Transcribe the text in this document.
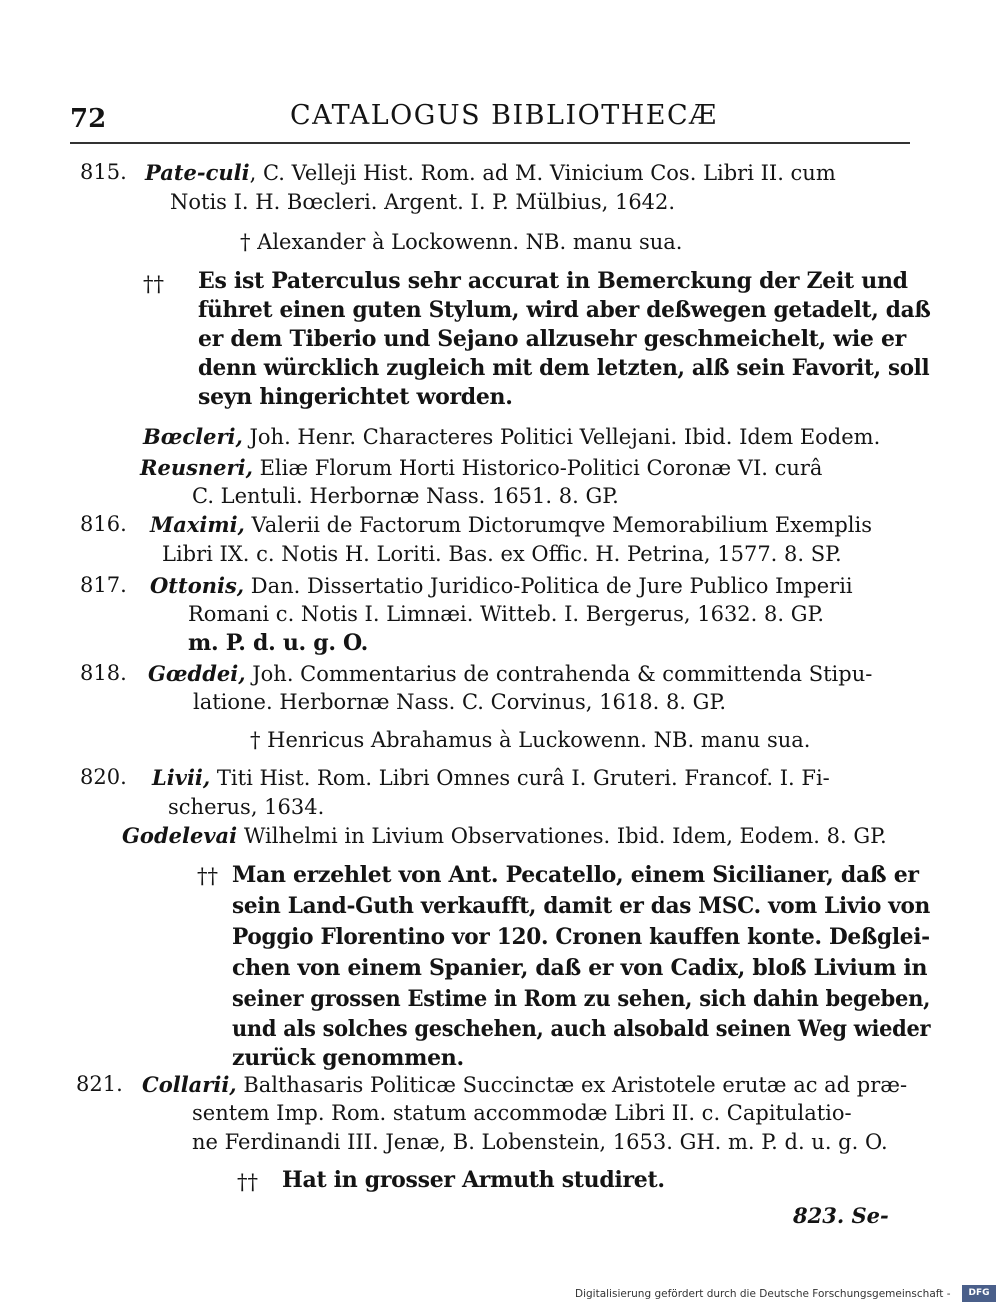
72	CATALOGUS BIBLIOTHECÆ
815. Pate-culi, C. Velleji Hist. Rom. ad M. Vinicium Cos. Libri II. cum
Notis I. H. Bœcleri. Argent. I. P. Mülbius, 1642.
† Alexander à Lockowenn. NB. manu sua.
†† Es ist Paterculus sehr accurat in Bemerckung der Zeit und
führet einen guten Stylum, wird aber deßwegen getadelt, daß
er dem Tiberio und Sejano allzusehr geschmeichelt, wie er
denn würcklich zugleich mit dem letzten, alß sein Favorit, soll
seyn hingerichtet worden.
Bœcleri, Joh. Henr. Characteres Politici Vellejani. Ibid. Idem Eodem.
Reusneri, Eliæ Florum Horti Historico-Politici Coronæ VI. curâ
C. Lentuli. Herbornæ Nass. 1651. 8. GP.
816. Maximi, Valerii de Factorum Dictorumqve Memorabilium Exemplis
Libri IX. c. Notis H. Loriti. Bas. ex Offic. H. Petrina, 1577. 8. SP.
817. Ottonis, Dan. Dissertatio Juridico-Politica de Jure Publico Imperii
Romani c. Notis I. Limnæi. Witteb. I. Bergerus, 1632. 8. GP.
m. P. d. u. g. O.
818. Gœddei, Joh. Commentarius de contrahenda & committenda Stipu-
latione. Herbornæ Nass. C. Corvinus, 1618. 8. GP.
† Henricus Abrahamus à Luckowenn. NB. manu sua.
820. Livii, Titi Hist. Rom. Libri Omnes curâ I. Gruteri. Francof. I. Fi-
scherus, 1634.
Godelevai Wilhelmi in Livium Observationes. Ibid. Idem, Eodem. 8. GP.
†† Man erzehlet von Ant. Pecatello, einem Sicilianer, daß er
sein Land-Guth verkaufft, damit er das MSC. vom Livio von
Poggio Florentino vor 120. Cronen kauffen konte. Deßglei-
chen von einem Spanier, daß er von Cadix, bloß Livium in
seiner grossen Estime in Rom zu sehen, sich dahin begeben,
und als solches geschehen, auch alsobald seinen Weg wieder
zurück genommen.
821. Collarii, Balthasaris Politicæ Succinctæ ex Aristotele erutæ ac ad præ-
sentem Imp. Rom. statum accommodæ Libri II. c. Capitulatio-
ne Ferdinandi III. Jenæ, B. Lobenstein, 1653. GH. m. P. d. u. g. O.
†† Hat in grosser Armuth studiret.
823. Se-
Digitalisierung gefördert durch die Deutsche Forschungsgemeinschaft -	DFG
